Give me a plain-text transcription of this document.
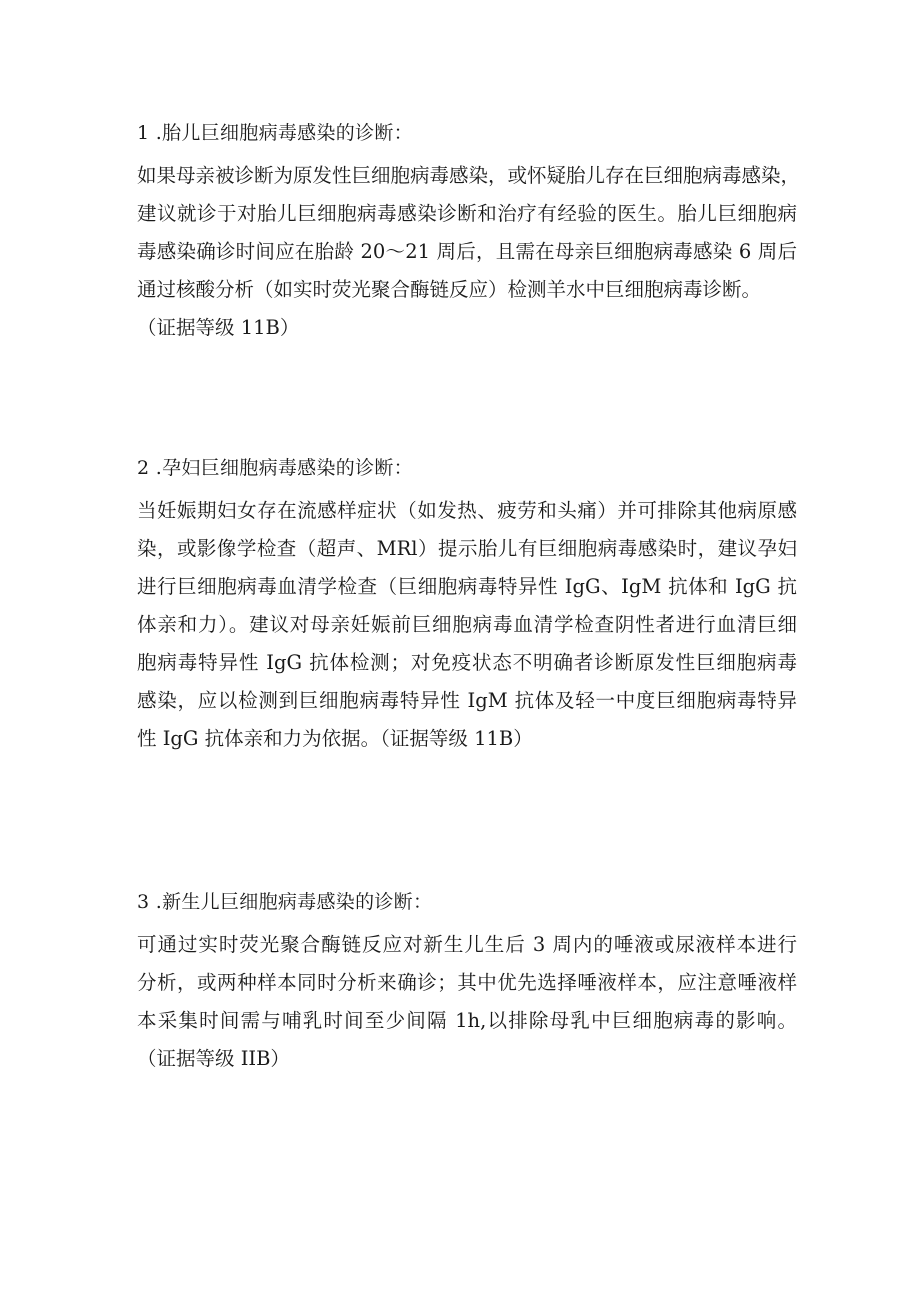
1 .胎儿巨细胞病毒感染的诊断：

如果母亲被诊断为原发性巨细胞病毒感染，或怀疑胎儿存在巨细胞病毒感染，

建议就诊于对胎儿巨细胞病毒感染诊断和治疗有经验的医生。胎儿巨细胞病

毒感染确诊时间应在胎龄 20～21 周后，且需在母亲巨细胞病毒感染 6 周后

通过核酸分析（如实时荧光聚合酶链反应）检测羊水中巨细胞病毒诊断。

（证据等级 11B）

2 .孕妇巨细胞病毒感染的诊断：

当妊娠期妇女存在流感样症状（如发热、疲劳和头痛）并可排除其他病原感

染，或影像学检查（超声、MRl）提示胎儿有巨细胞病毒感染时，建议孕妇

进行巨细胞病毒血清学检查（巨细胞病毒特异性 IgG、IgM 抗体和 IgG 抗

体亲和力）。建议对母亲妊娠前巨细胞病毒血清学检查阴性者进行血清巨细

胞病毒特异性 IgG 抗体检测；对免疫状态不明确者诊断原发性巨细胞病毒

感染，应以检测到巨细胞病毒特异性 IgM 抗体及轻一中度巨细胞病毒特异

性 IgG 抗体亲和力为依据。（证据等级 11B）

3 .新生儿巨细胞病毒感染的诊断：

可通过实时荧光聚合酶链反应对新生儿生后 3 周内的唾液或尿液样本进行

分析，或两种样本同时分析来确诊；其中优先选择唾液样本，应注意唾液样

本采集时间需与哺乳时间至少间隔 1h,以排除母乳中巨细胞病毒的影响。

（证据等级 IIB）
